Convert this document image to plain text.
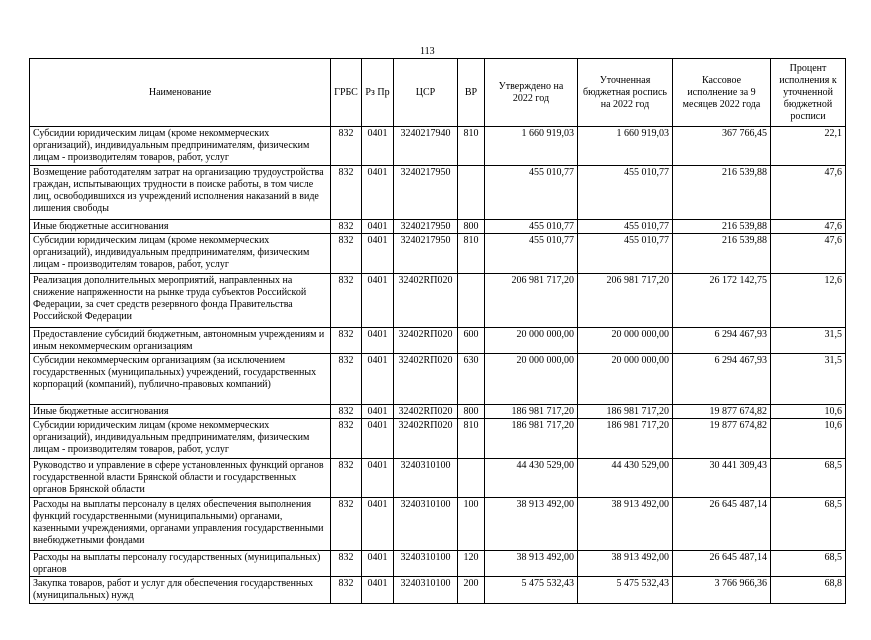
113
Наименование	ГРБС	Рз Пр	ЦСР	ВР	Утверждено на 2022 год	Уточненная бюджетная роспись на 2022 год	Кассовое исполнение за 9 месяцев 2022 года	Процент исполнения к уточненной бюджетной росписи
Субсидии юридическим лицам (кроме некоммерческих организаций), индивидуальным предпринимателям, физическим лицам - производителям товаров, работ, услуг	832	0401	3240217940	810	1 660 919,03	1 660 919,03	367 766,45	22,1
Возмещение работодателям затрат на организацию трудоустройства граждан, испытывающих трудности в поиске работы, в том числе лиц, освободившихся из учреждений исполнения наказаний в виде лишения свободы	832	0401	3240217950		455 010,77	455 010,77	216 539,88	47,6
Иные бюджетные ассигнования	832	0401	3240217950	800	455 010,77	455 010,77	216 539,88	47,6
Субсидии юридическим лицам (кроме некоммерческих организаций), индивидуальным предпринимателям, физическим лицам - производителям товаров, работ, услуг	832	0401	3240217950	810	455 010,77	455 010,77	216 539,88	47,6
Реализация дополнительных мероприятий, направленных на снижение напряженности на рынке труда субъектов Российской Федерации, за счет средств резервного фонда Правительства Российской Федерации	832	0401	32402RП020		206 981 717,20	206 981 717,20	26 172 142,75	12,6
Предоставление субсидий бюджетным, автономным учреждениям и иным некоммерческим организациям	832	0401	32402RП020	600	20 000 000,00	20 000 000,00	6 294 467,93	31,5
Субсидии некоммерческим организациям (за исключением государственных (муниципальных) учреждений, государственных корпораций (компаний), публично-правовых компаний)	832	0401	32402RП020	630	20 000 000,00	20 000 000,00	6 294 467,93	31,5
Иные бюджетные ассигнования	832	0401	32402RП020	800	186 981 717,20	186 981 717,20	19 877 674,82	10,6
Субсидии юридическим лицам (кроме некоммерческих организаций), индивидуальным предпринимателям, физическим лицам - производителям товаров, работ, услуг	832	0401	32402RП020	810	186 981 717,20	186 981 717,20	19 877 674,82	10,6
Руководство и управление в сфере установленных функций органов государственной власти Брянской области и государственных органов Брянской области	832	0401	3240310100		44 430 529,00	44 430 529,00	30 441 309,43	68,5
Расходы на выплаты персоналу в целях обеспечения выполнения функций государственными (муниципальными) органами, казенными учреждениями, органами управления государственными внебюджетными фондами	832	0401	3240310100	100	38 913 492,00	38 913 492,00	26 645 487,14	68,5
Расходы на выплаты персоналу государственных (муниципальных) органов	832	0401	3240310100	120	38 913 492,00	38 913 492,00	26 645 487,14	68,5
Закупка товаров, работ и услуг для обеспечения государственных (муниципальных) нужд	832	0401	3240310100	200	5 475 532,43	5 475 532,43	3 766 966,36	68,8
